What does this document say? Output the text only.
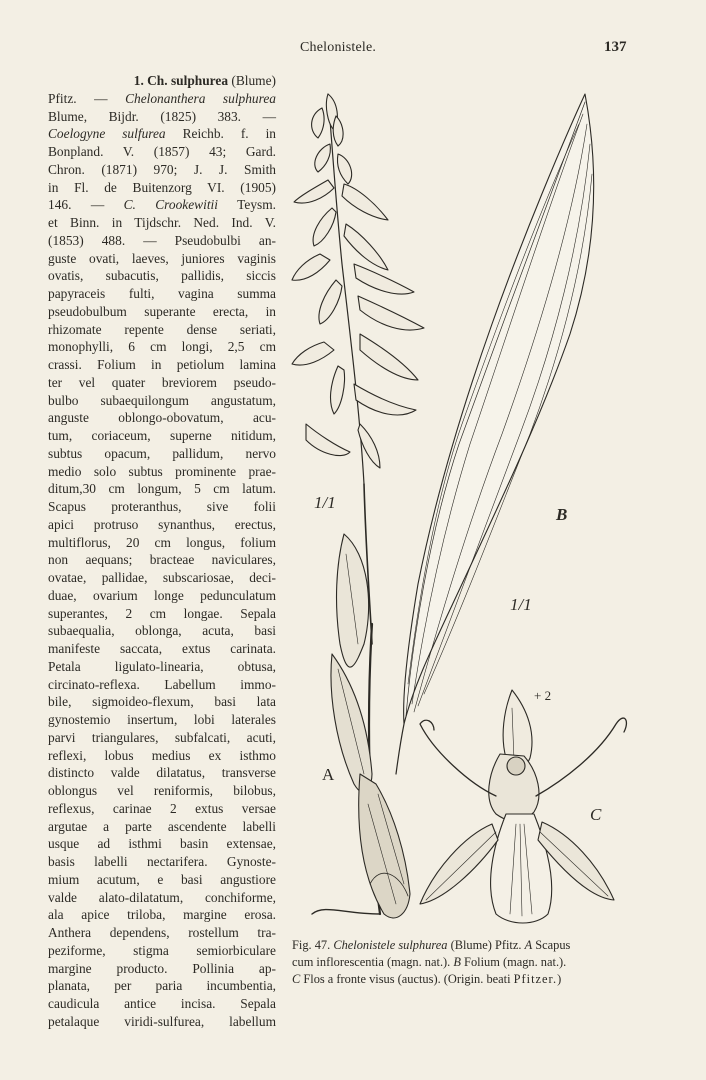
Chelonistele.	137
1. Ch. sulphurea (Blume)
Pfitz. — Chelonanthera sulphurea
Blume, Bijdr. (1825) 383. —
Coelogyne sulfurea Reichb. f. in
Bonpland. V. (1857) 43; Gard.
Chron. (1871) 970; J. J. Smith
in Fl. de Buitenzorg VI. (1905)
146. — C. Crookewitii Teysm.
et Binn. in Tijdschr. Ned. Ind. V.
(1853) 488. — Pseudobulbi an-
guste ovati, laeves, juniores vaginis
ovatis, subacutis, pallidis, siccis
papyraceis fulti, vagina summa
pseudobulbum superante erecta, in
rhizomate repente dense seriati,
monophylli, 6 cm longi, 2,5 cm
crassi. Folium in petiolum lamina
ter vel quater breviorem pseudo-
bulbo subaequilongum angustatum,
anguste oblongo-obovatum, acu-
tum, coriaceum, superne nitidum,
subtus opacum, pallidum, nervo
medio solo subtus prominente prae-
ditum,30 cm longum, 5 cm latum.
Scapus proteranthus, sive folii
apici protruso synanthus, erectus,
multiflorus, 20 cm longus, folium
non aequans; bracteae naviculares,
ovatae, pallidae, subscariosae, deci-
duae, ovarium longe pedunculatum
superantes, 2 cm longae. Sepala
subaequalia, oblonga, acuta, basi
manifeste saccata, extus carinata.
Petala ligulato-linearia, obtusa,
circinato-reflexa. Labellum immo-
bile, sigmoideo-flexum, basi lata
gynostemio insertum, lobi laterales
parvi triangulares, subfalcati, acuti,
reflexi, lobus medius ex isthmo
distincto valde dilatatus, transverse
oblongus vel reniformis, bilobus,
reflexus, carinae 2 extus versae
argutae a parte ascendente labelli
usque ad isthmi basin extensae,
basis labelli nectarifera. Gynoste-
mium acutum, e basi angustiore
valde alato-dilatatum, conchiforme,
ala apice triloba, margine erosa.
Anthera dependens, rostellum tra-
peziforme, stigma semiorbiculare
margine producto. Pollinia ap-
planata, per paria incumbentia,
caudicula antice incisa. Sepala
petalaque viridi-sulfurea, labellum
1/1
B
1/1
+ 2
A
C
Fig. 47. Chelonistele sulphurea (Blume) Pfitz. A Scapus
cum inflorescentia (magn. nat.). B Folium (magn. nat.).
C Flos a fronte visus (auctus). (Origin. beati Pfitzer.)
